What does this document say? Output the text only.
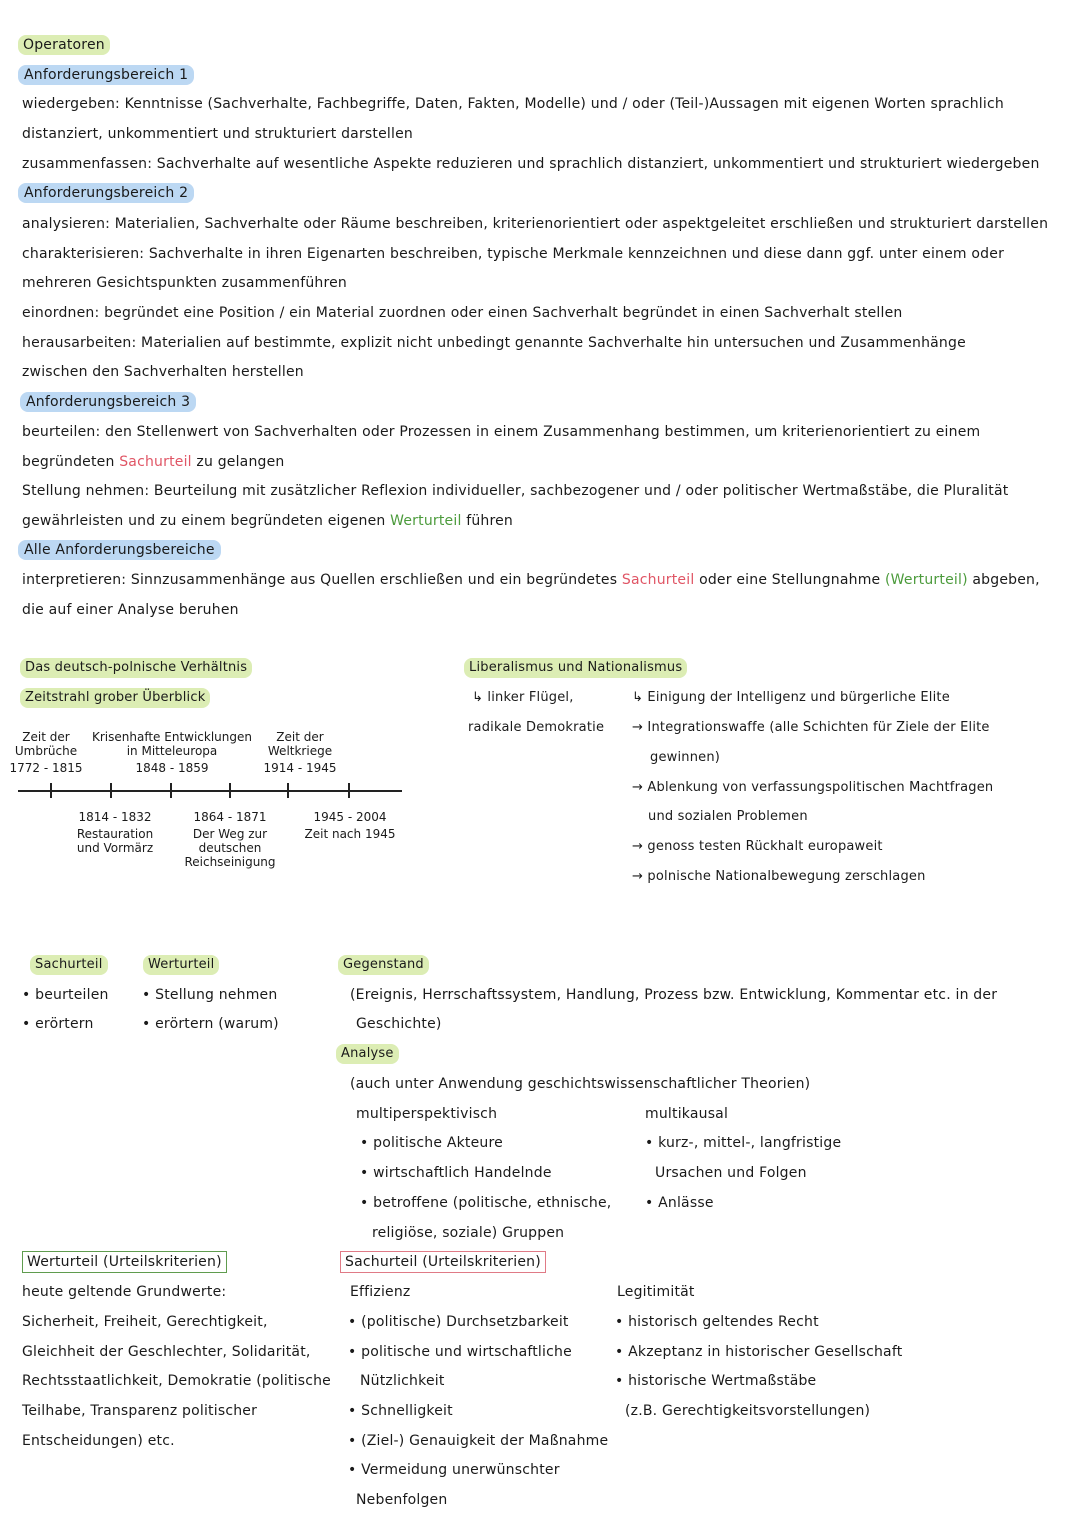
Operatoren
Anforderungsbereich 1
wiedergeben: Kenntnisse (Sachverhalte, Fachbegriffe, Daten, Fakten, Modelle) und / oder (Teil-)Aussagen mit eigenen Worten sprachlich
distanziert, unkommentiert und strukturiert darstellen
zusammenfassen: Sachverhalte auf wesentliche Aspekte reduzieren und sprachlich distanziert, unkommentiert und strukturiert wiedergeben
Anforderungsbereich 2
analysieren: Materialien, Sachverhalte oder Räume beschreiben, kriterienorientiert oder aspektgeleitet erschließen und strukturiert darstellen
charakterisieren: Sachverhalte in ihren Eigenarten beschreiben, typische Merkmale kennzeichnen und diese dann ggf. unter einem oder
mehreren Gesichtspunkten zusammenführen
einordnen: begründet eine Position / ein Material zuordnen oder einen Sachverhalt begründet in einen Sachverhalt stellen
herausarbeiten: Materialien auf bestimmte, explizit nicht unbedingt genannte Sachverhalte hin untersuchen und Zusammenhänge
zwischen den Sachverhalten herstellen
Anforderungsbereich 3
beurteilen: den Stellenwert von Sachverhalten oder Prozessen in einem Zusammenhang bestimmen, um kriterienorientiert zu einem
begründeten Sachurteil zu gelangen
Stellung nehmen: Beurteilung mit zusätzlicher Reflexion individueller, sachbezogener und / oder politischer Wertmaßstäbe, die Pluralität
gewährleisten und zu einem begründeten eigenen Werturteil führen
Alle Anforderungsbereiche
interpretieren: Sinnzusammenhänge aus Quellen erschließen und ein begründetes Sachurteil oder eine Stellungnahme (Werturteil) abgeben,
die auf einer Analyse beruhen
Das deutsch-polnische Verhältnis
Zeitstrahl grober Überblick
Zeit der
Umbrüche
1772 - 1815
Krisenhafte Entwicklungen
in Mitteleuropa
1848 - 1859
Zeit der
Weltkriege
1914 - 1945
1814 - 1832
Restauration
und Vormärz
1864 - 1871
Der Weg zur
deutschen
Reichseinigung
1945 - 2004
Zeit nach 1945
Liberalismus und Nationalismus
↳ linker Flügel,
radikale Demokratie
↳ Einigung der Intelligenz und bürgerliche Elite
→ Integrationswaffe (alle Schichten für Ziele der Elite
gewinnen)
→ Ablenkung von verfassungspolitischen Machtfragen
und sozialen Problemen
→ genoss testen Rückhalt europaweit
→ polnische Nationalbewegung zerschlagen
Sachurteil
• beurteilen
• erörtern
Werturteil
• Stellung nehmen
• erörtern (warum)
Gegenstand
(Ereignis, Herrschaftssystem, Handlung, Prozess bzw. Entwicklung, Kommentar etc. in der
Geschichte)
Analyse
(auch unter Anwendung geschichtswissenschaftlicher Theorien)
multiperspektivisch
• politische Akteure
• wirtschaftlich Handelnde
• betroffene (politische, ethnische,
religiöse, soziale) Gruppen
multikausal
• kurz-, mittel-, langfristige
Ursachen und Folgen
• Anlässe
Werturteil (Urteilskriterien)
heute geltende Grundwerte:
Sicherheit, Freiheit, Gerechtigkeit,
Gleichheit der Geschlechter, Solidarität,
Rechtsstaatlichkeit, Demokratie (politische
Teilhabe, Transparenz politischer
Entscheidungen) etc.
Sachurteil (Urteilskriterien)
Effizienz
• (politische) Durchsetzbarkeit
• politische und wirtschaftliche
Nützlichkeit
• Schnelligkeit
• (Ziel-) Genauigkeit der Maßnahme
• Vermeidung unerwünschter
Nebenfolgen
Legitimität
• historisch geltendes Recht
• Akzeptanz in historischer Gesellschaft
• historische Wertmaßstäbe
(z.B. Gerechtigkeitsvorstellungen)
